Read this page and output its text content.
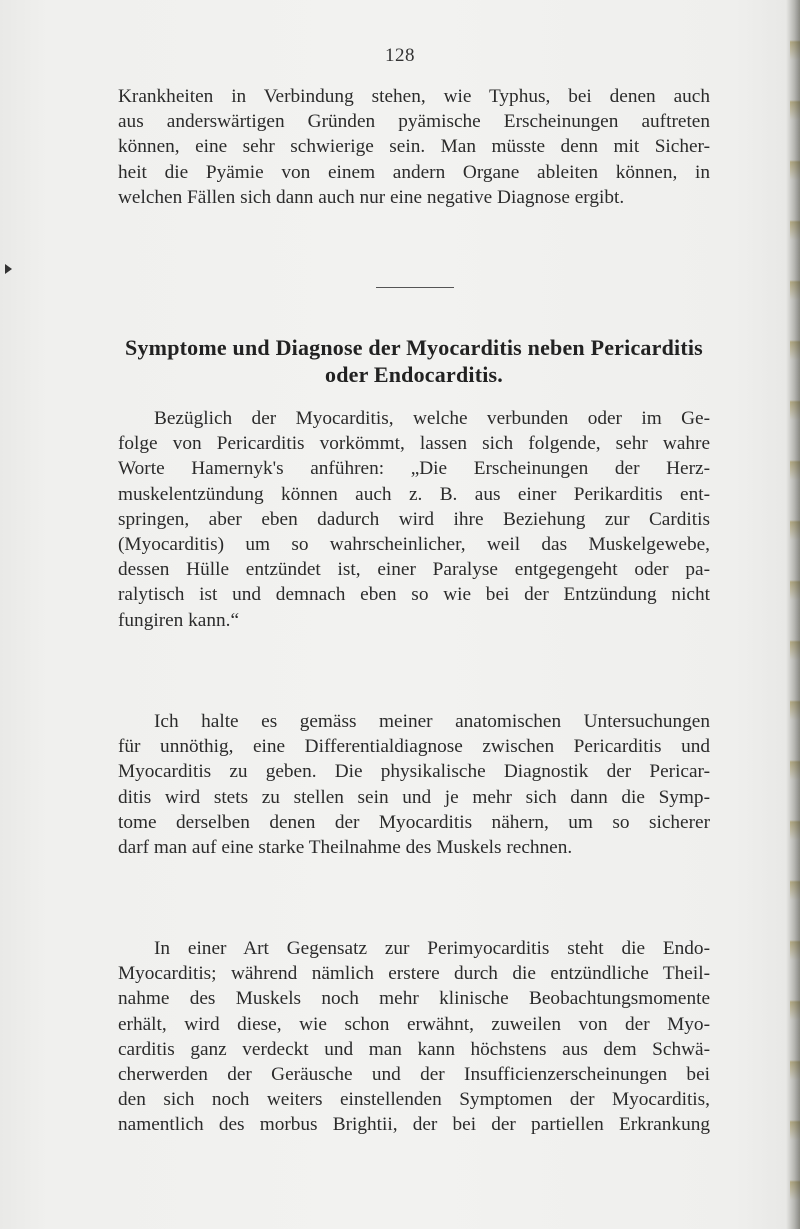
128
Krankheiten in Verbindung stehen, wie Typhus, bei denen auch
aus anderswärtigen Gründen pyämische Erscheinungen auftreten
können, eine sehr schwierige sein. Man müsste denn mit Sicher-
heit die Pyämie von einem andern Organe ableiten können, in
welchen Fällen sich dann auch nur eine negative Diagnose ergibt.
Symptome und Diagnose der Myocarditis neben Pericarditis
oder Endocarditis.
Bezüglich der Myocarditis, welche verbunden oder im Ge-
folge von Pericarditis vorkömmt, lassen sich folgende, sehr wahre
Worte Hamernyk's anführen: „Die Erscheinungen der Herz-
muskelentzündung können auch z. B. aus einer Perikarditis ent-
springen, aber eben dadurch wird ihre Beziehung zur Carditis
(Myocarditis) um so wahrscheinlicher, weil das Muskelgewebe,
dessen Hülle entzündet ist, einer Paralyse entgegengeht oder pa-
ralytisch ist und demnach eben so wie bei der Entzündung nicht
fungiren kann.“
Ich halte es gemäss meiner anatomischen Untersuchungen
für unnöthig, eine Differentialdiagnose zwischen Pericarditis und
Myocarditis zu geben. Die physikalische Diagnostik der Pericar-
ditis wird stets zu stellen sein und je mehr sich dann die Symp-
tome derselben denen der Myocarditis nähern, um so sicherer
darf man auf eine starke Theilnahme des Muskels rechnen.
In einer Art Gegensatz zur Perimyocarditis steht die Endo-
Myocarditis; während nämlich erstere durch die entzündliche Theil-
nahme des Muskels noch mehr klinische Beobachtungsmomente
erhält, wird diese, wie schon erwähnt, zuweilen von der Myo-
carditis ganz verdeckt und man kann höchstens aus dem Schwä-
cherwerden der Geräusche und der Insufficienzerscheinungen bei
den sich noch weiters einstellenden Symptomen der Myocarditis,
namentlich des morbus Brightii, der bei der partiellen Erkrankung
